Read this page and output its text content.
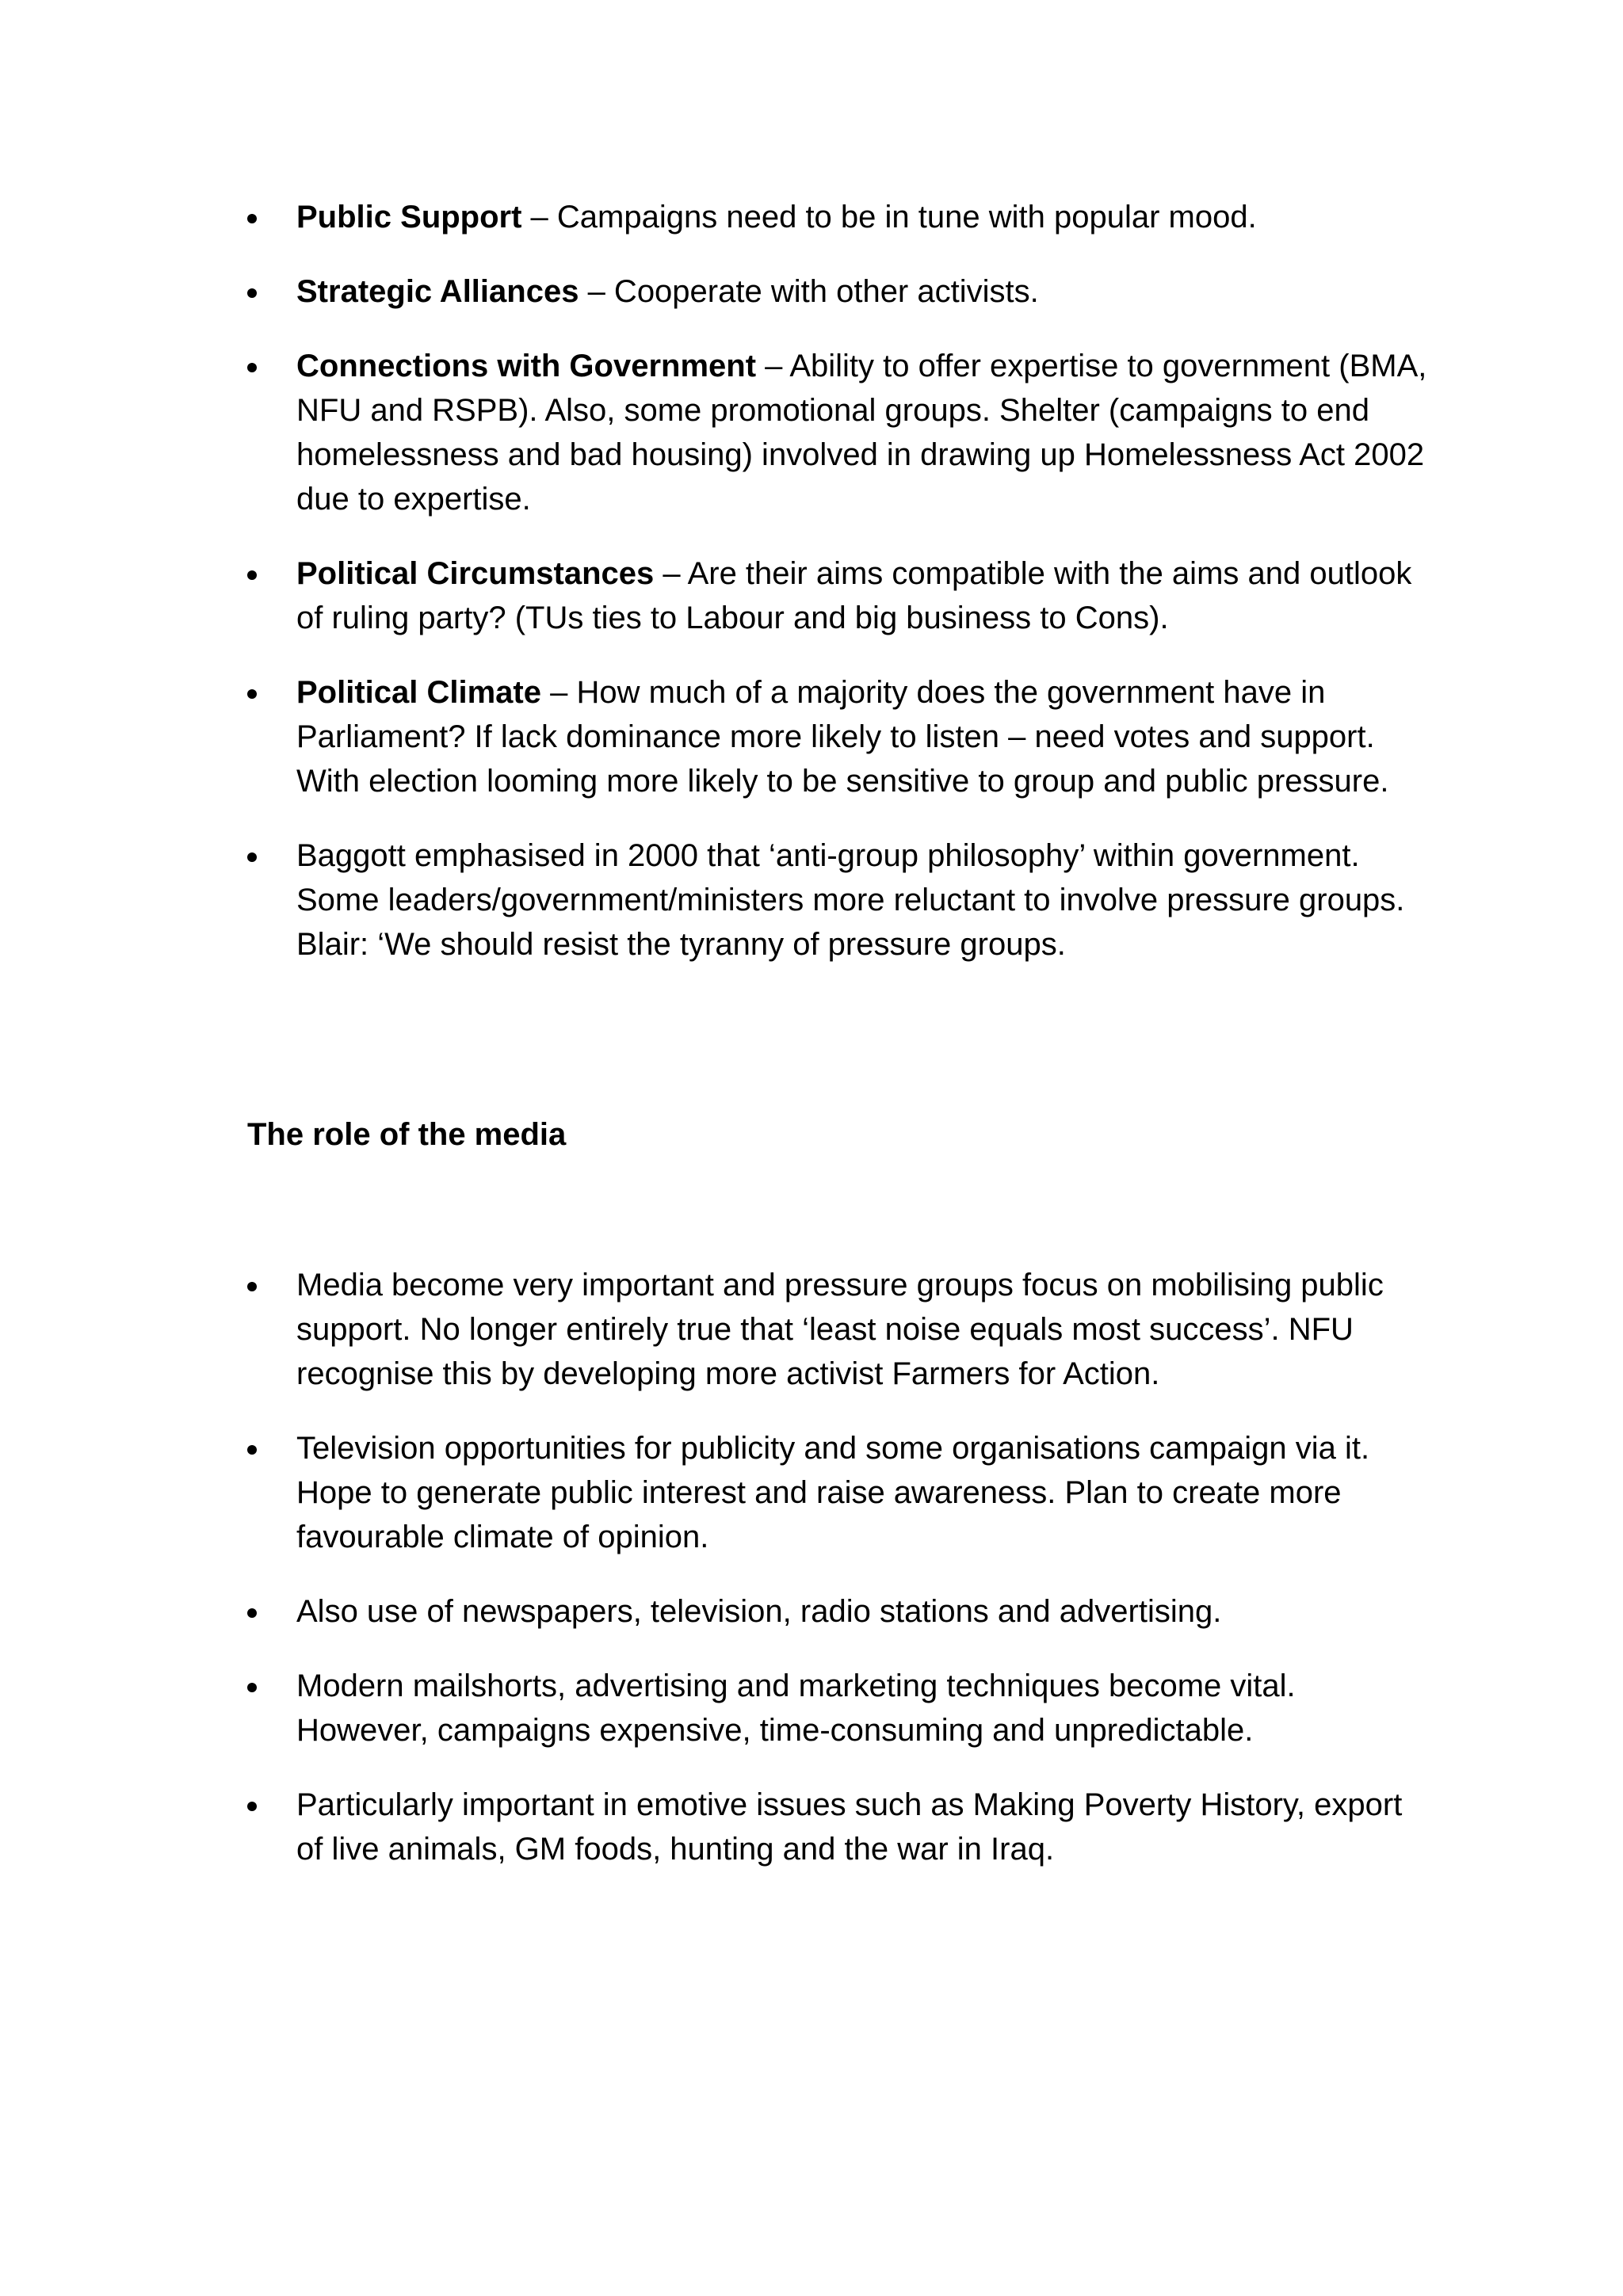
Public Support – Campaigns need to be in tune with popular mood.
Strategic Alliances – Cooperate with other activists.
Connections with Government – Ability to offer expertise to government (BMA, NFU and RSPB). Also, some promotional groups. Shelter (campaigns to end homelessness and bad housing) involved in drawing up Homelessness Act 2002 due to expertise.
Political Circumstances – Are their aims compatible with the aims and outlook of ruling party? (TUs ties to Labour and big business to Cons).
Political Climate – How much of a majority does the government have in Parliament? If lack dominance more likely to listen – need votes and support. With election looming more likely to be sensitive to group and public pressure.
Baggott emphasised in 2000 that ‘anti-group philosophy’ within government. Some leaders/government/ministers more reluctant to involve pressure groups. Blair: ‘We should resist the tyranny of pressure groups.
The role of the media
Media become very important and pressure groups focus on mobilising public support. No longer entirely true that ‘least noise equals most success’. NFU recognise this by developing more activist Farmers for Action.
Television opportunities for publicity and some organisations campaign via it. Hope to generate public interest and raise awareness. Plan to create more favourable climate of opinion.
Also use of newspapers, television, radio stations and advertising.
Modern mailshorts, advertising and marketing techniques become vital. However, campaigns expensive, time-consuming and unpredictable.
Particularly important in emotive issues such as Making Poverty History, export of live animals, GM foods, hunting and the war in Iraq.
